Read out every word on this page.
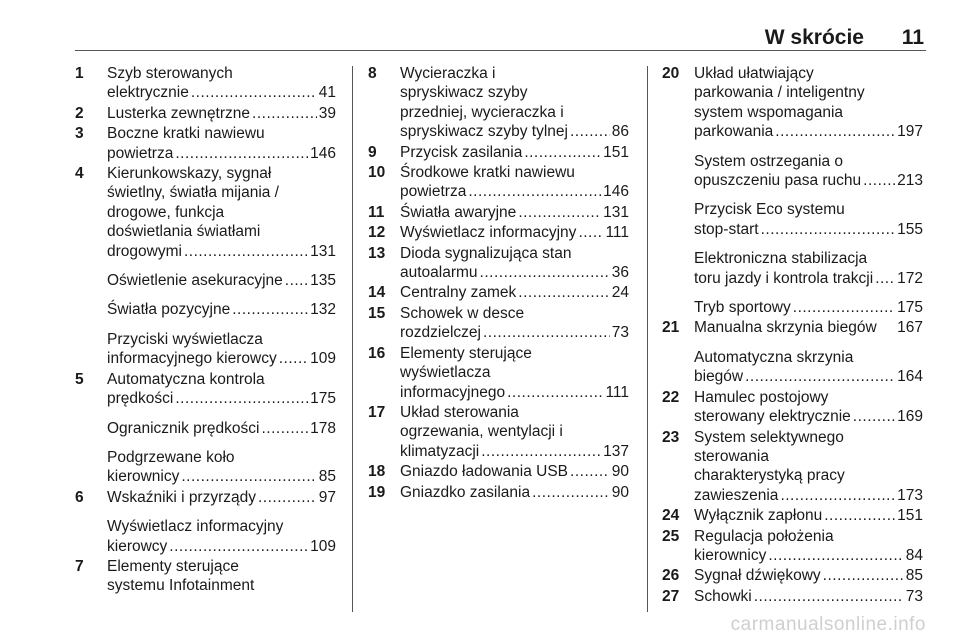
W skrócie 11
1 Szyb sterowanych
elektrycznie .....	41
2 Lusterka zewnętrzne .....	39
3 Boczne kratki nawiewu
powietrza .....	146
4 Kierunkowskazy, sygnał
świetlny, światła mijania /
drogowe, funkcja
doświetlania światłami
drogowymi .....	131
Oświetlenie asekuracyjne ..... 135
Światła pozycyjne .....	132
Przyciski wyświetlacza
informacyjnego kierowcy ..... 109
5 Automatyczna kontrola
prędkości .....	175
Ogranicznik prędkości .....	178
Podgrzewane koło
kierownicy .....	85
6 Wskaźniki i przyrządy .....	97
Wyświetlacz informacyjny
kierowcy .....	109
7 Elementy sterujące
systemu Infotainment
8 Wycieraczka i
spryskiwacz szyby
przedniej, wycieraczka i
spryskiwacz szyby tylnej .....	86
9 Przycisk zasilania .....	151
10 Środkowe kratki nawiewu
powietrza .....	146
11 Światła awaryjne .....	131
12 Wyświetlacz informacyjny ..... 111
13 Dioda sygnalizująca stan
autoalarmu .....	36
14 Centralny zamek .....	24
15 Schowek w desce
rozdzielczej .....	73
16 Elementy sterujące
wyświetlacza
informacyjnego .....	111
17 Układ sterowania
ogrzewania, wentylacji i
klimatyzacji .....	137
18 Gniazdo ładowania USB .....	90
19 Gniazdko zasilania .....	90
20 Układ ułatwiający
parkowania / inteligentny
system wspomagania
parkowania .....	197
System ostrzegania o
opuszczeniu pasa ruchu ..... 213
Przycisk Eco systemu
stop-start .....	155
Elektroniczna stabilizacja
toru jazdy i kontrola trakcji ..... 172
Tryb sportowy .....	175
21 Manualna skrzynia biegów 167
Automatyczna skrzynia
biegów .....	164
22 Hamulec postojowy
sterowany elektrycznie .....	169
23 System selektywnego
sterowania
charakterystyką pracy
zawieszenia .....	173
24 Wyłącznik zapłonu .....	151
25 Regulacja położenia
kierownicy .....	84
26 Sygnał dźwiękowy .....	85
27 Schowki .....	73
carmanualsonline.info
